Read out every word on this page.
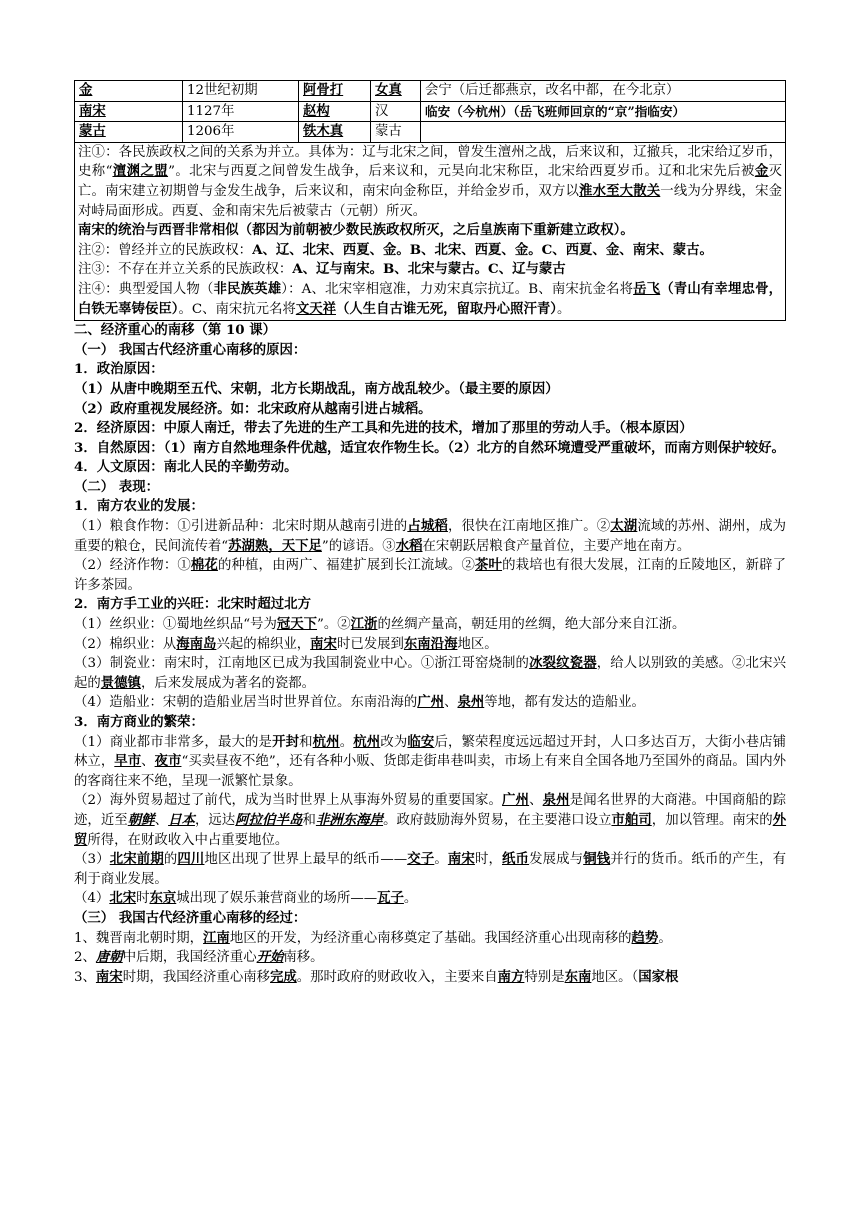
金	12世纪初期	阿骨打	女真	会宁（后迁都燕京，改名中都，在今北京）
南宋	1127年	赵构	汉	临安（今杭州）（岳飞班师回京的“京”指临安）
蒙古	1206年	铁木真	蒙古	

注①：各民族政权之间的关系为并立。具体为：辽与北宋之间，曾发生澶州之战，后来议和，辽撤兵，北宋给辽岁币，史称“澶渊之盟”。北宋与西夏之间曾发生战争，后来议和，元昊向北宋称臣，北宋给西夏岁币。辽和北宋先后被金灭亡。南宋建立初期曾与金发生战争，后来议和，南宋向金称臣，并给金岁币，双方以淮水至大散关一线为分界线，宋金对峙局面形成。西夏、金和南宋先后被蒙古（元朝）所灭。

南宋的统治与西晋非常相似（都因为前朝被少数民族政权所灭，之后皇族南下重新建立政权）。

注②：曾经并立的民族政权：A、辽、北宋、西夏、金。B、北宋、西夏、金。C、西夏、金、南宋、蒙古。

注③：不存在并立关系的民族政权：A、辽与南宋。B、北宋与蒙古。C、辽与蒙古

注④：典型爱国人物（非民族英雄）：A、北宋宰相寇准，力劝宋真宗抗辽。B、南宋抗金名将岳飞（青山有幸埋忠骨，白铁无辜铸佞臣）。C、南宋抗元名将文天祥（人生自古谁无死，留取丹心照汗青）。

二、经济重心的南移（第 10 课）

（一） 我国古代经济重心南移的原因：

1．政治原因：

（1）从唐中晚期至五代、宋朝，北方长期战乱，南方战乱较少。（最主要的原因）

（2）政府重视发展经济。如：北宋政府从越南引进占城稻。

2．经济原因：中原人南迁，带去了先进的生产工具和先进的技术，增加了那里的劳动人手。（根本原因）

3．自然原因：（1）南方自然地理条件优越，适宜农作物生长。（2）北方的自然环境遭受严重破坏，而南方则保护较好。

4．人文原因：南北人民的辛勤劳动。

（二） 表现：

1．南方农业的发展：

（1）粮食作物：①引进新品种：北宋时期从越南引进的占城稻，很快在江南地区推广。②太湖流域的苏州、湖州，成为重要的粮仓，民间流传着“苏湖熟，天下足”的谚语。③水稻在宋朝跃居粮食产量首位，主要产地在南方。

（2）经济作物：①棉花的种植，由两广、福建扩展到长江流域。②茶叶的栽培也有很大发展，江南的丘陵地区，新辟了许多茶园。

2．南方手工业的兴旺：北宋时超过北方

（1）丝织业：①蜀地丝织品“号为冠天下”。②江浙的丝绸产量高，朝廷用的丝绸，绝大部分来自江浙。

（2）棉织业：从海南岛兴起的棉织业，南宋时已发展到东南沿海地区。

（3）制瓷业：南宋时，江南地区已成为我国制瓷业中心。①浙江哥窑烧制的冰裂纹瓷器，给人以别致的美感。②北宋兴起的景德镇，后来发展成为著名的瓷都。

（4）造船业：宋朝的造船业居当时世界首位。东南沿海的广州、泉州等地，都有发达的造船业。

3．南方商业的繁荣：

（1）商业都市非常多，最大的是开封和杭州。杭州改为临安后，繁荣程度远远超过开封，人口多达百万，大街小巷店铺林立，早市、夜市“买卖昼夜不绝”，还有各种小贩、货郎走街串巷叫卖，市场上有来自全国各地乃至国外的商品。国内外的客商往来不绝，呈现一派繁忙景象。

（2）海外贸易超过了前代，成为当时世界上从事海外贸易的重要国家。广州、泉州是闻名世界的大商港。中国商船的踪迹，近至朝鲜、日本，远达阿拉伯半岛和非洲东海岸。政府鼓励海外贸易，在主要港口设立市舶司，加以管理。南宋的外贸所得，在财政收入中占重要地位。

（3）北宋前期的四川地区出现了世界上最早的纸币——交子。南宋时，纸币发展成与铜钱并行的货币。纸币的产生，有利于商业发展。

（4）北宋时东京城出现了娱乐兼营商业的场所——瓦子。

（三） 我国古代经济重心南移的经过：

1、魏晋南北朝时期，江南地区的开发，为经济重心南移奠定了基础。我国经济重心出现南移的趋势。

2、唐朝中后期，我国经济重心开始南移。

3、南宋时期，我国经济重心南移完成。那时政府的财政收入，主要来自南方特别是东南地区。（国家根
